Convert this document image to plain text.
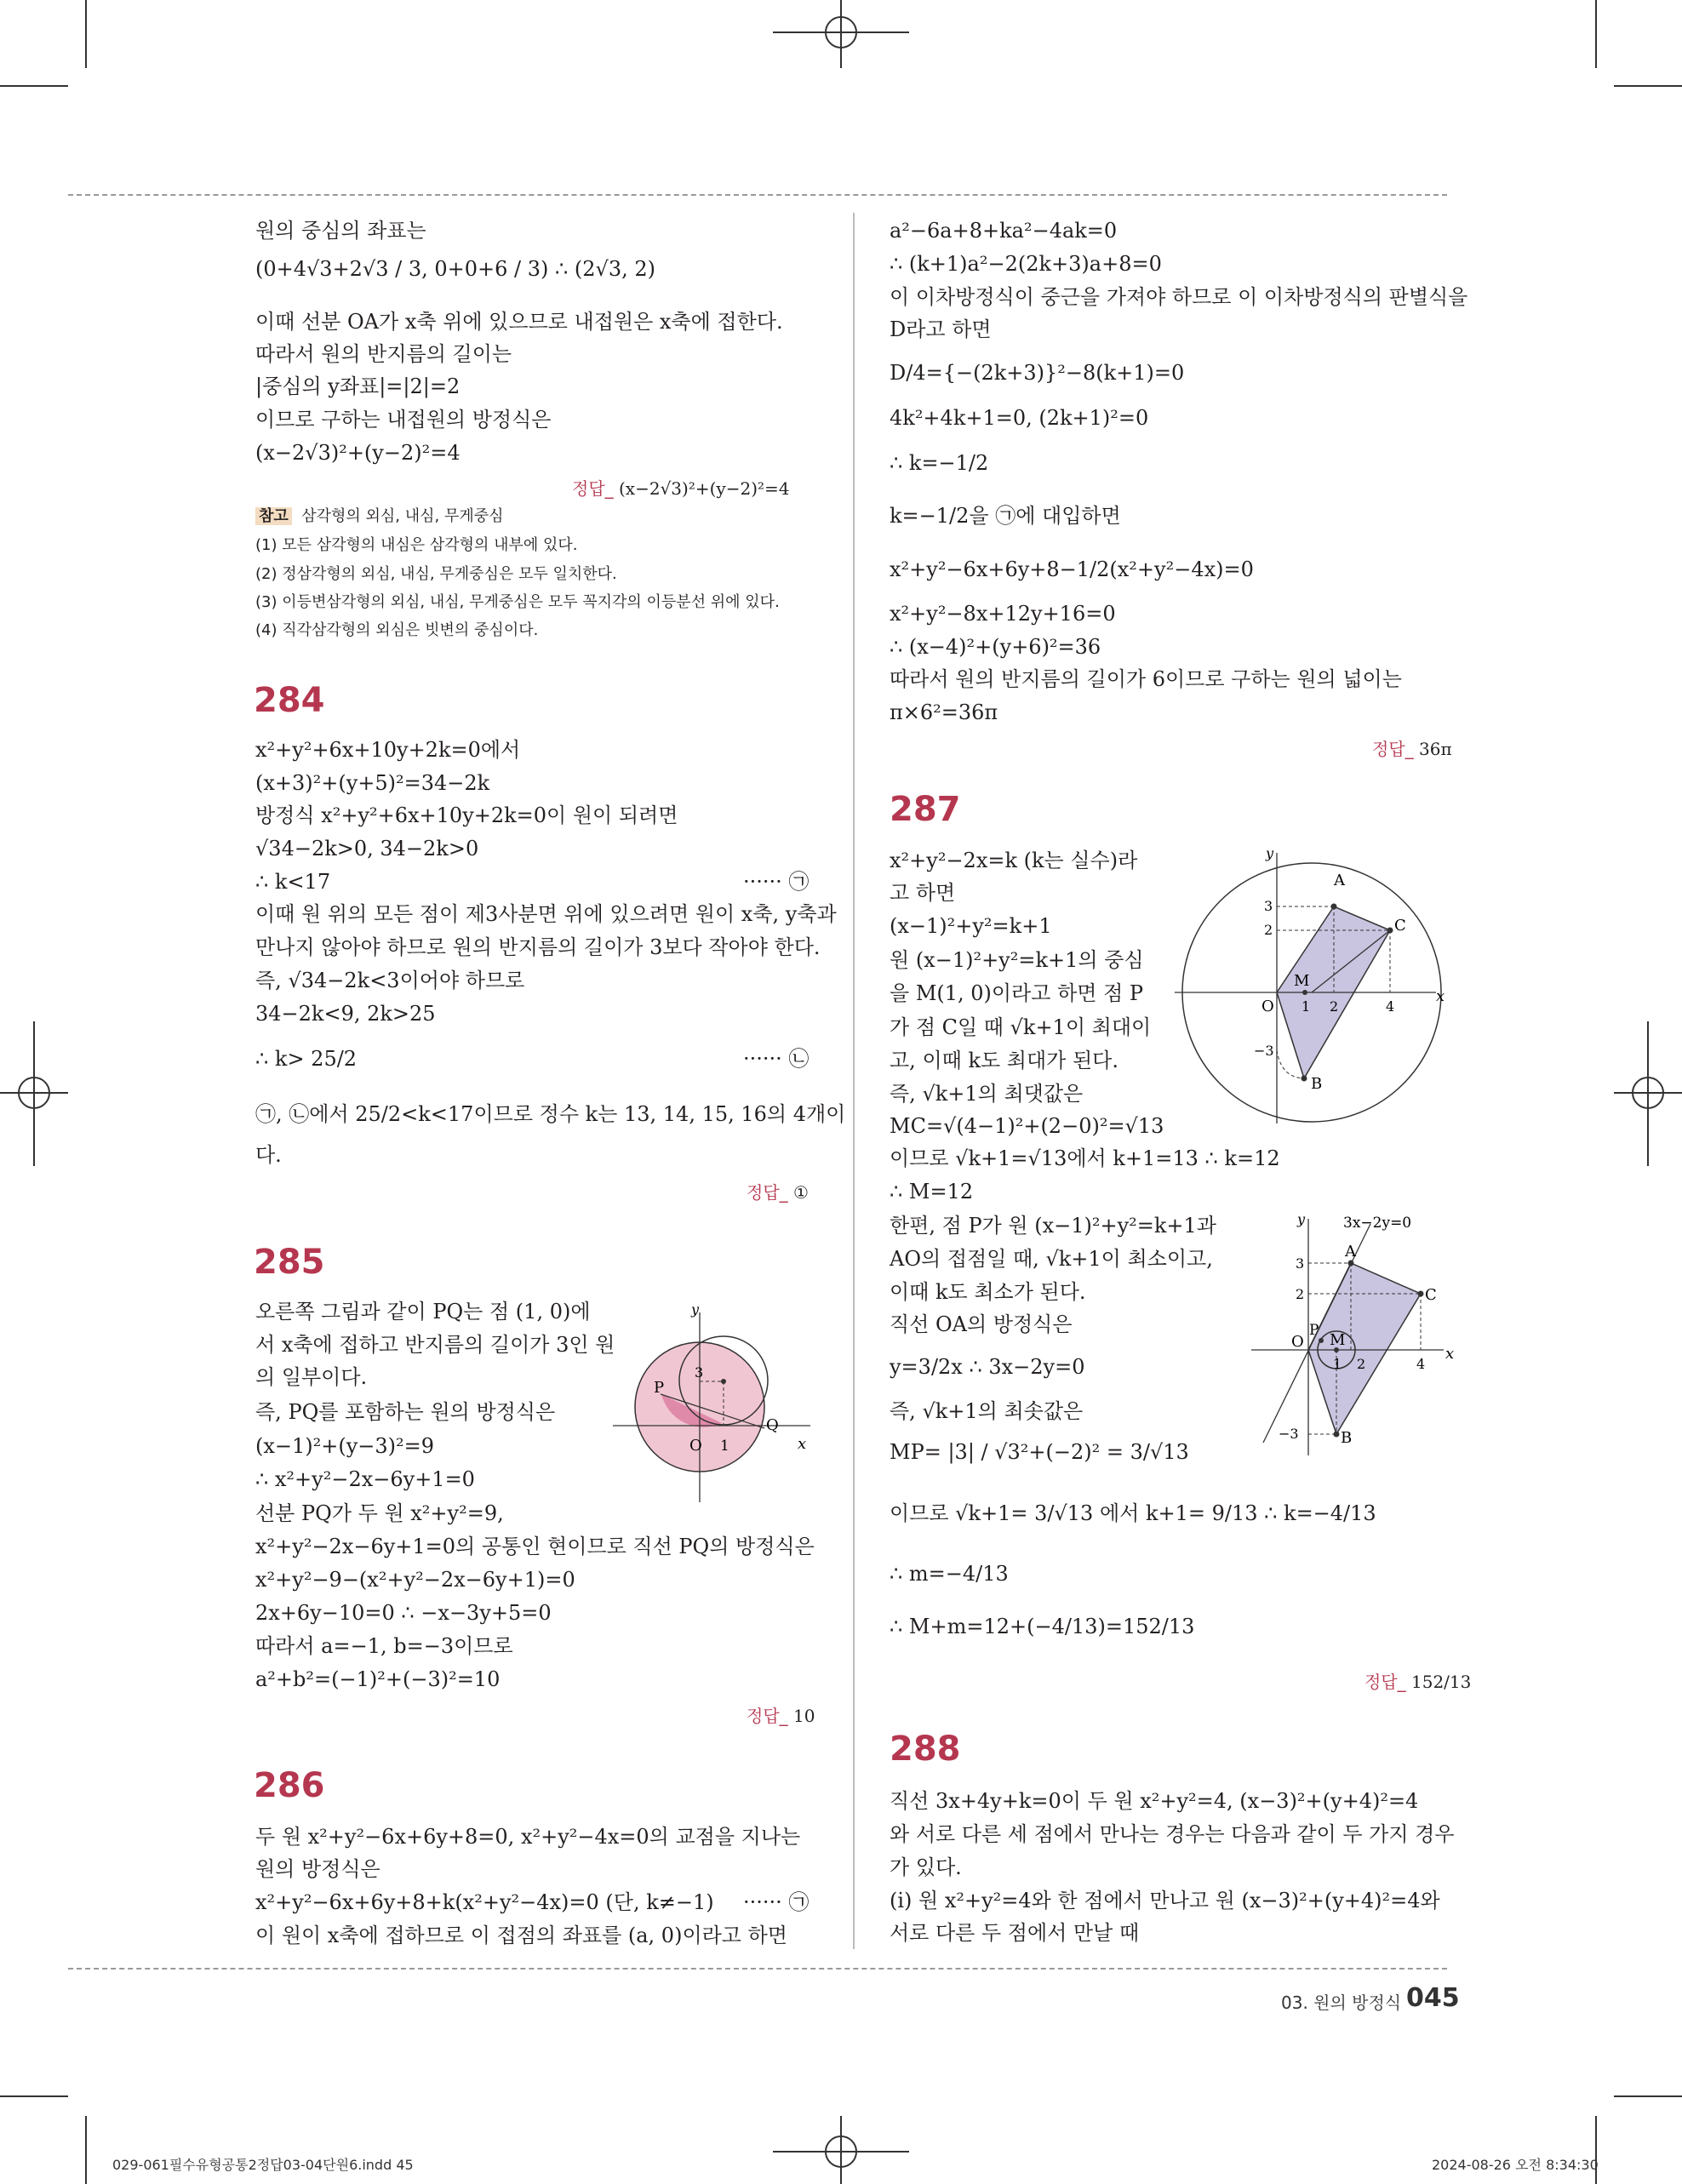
원의 중심의 좌표는
(0+4√3+2√3 / 3, 0+0+6 / 3) ∴ (2√3, 2)
이때 선분 OA가 x축 위에 있으므로 내접원은 x축에 접한다.
따라서 원의 반지름의 길이는
|중심의 y좌표|=|2|=2
이므로 구하는 내접원의 방정식은
(x−2√3)²+(y−2)²=4
정답_ (x−2√3)²+(y−2)²=4
참고 삼각형의 외심, 내심, 무게중심
(1) 모든 삼각형의 내심은 삼각형의 내부에 있다.
(2) 정삼각형의 외심, 내심, 무게중심은 모두 일치한다.
(3) 이등변삼각형의 외심, 내심, 무게중심은 모두 꼭지각의 이등분선 위에 있다.
(4) 직각삼각형의 외심은 빗변의 중심이다.
284
x²+y²+6x+10y+2k=0에서
(x+3)²+(y+5)²=34−2k
방정식 x²+y²+6x+10y+2k=0이 원이 되려면
√34−2k>0, 34−2k>0
∴ k<17	······ ㉠
이때 원 위의 모든 점이 제3사분면 위에 있으려면 원이 x축, y축과
만나지 않아야 하므로 원의 반지름의 길이가 3보다 작아야 한다.
즉, √34−2k<3이어야 하므로
34−2k<9, 2k>25
∴ k> 25/2	······ ㉡
㉠, ㉡에서 25/2<k<17이므로 정수 k는 13, 14, 15, 16의 4개이
다.
정답_ ①
285
오른쪽 그림과 같이 PQ는 점 (1, 0)에
서 x축에 접하고 반지름의 길이가 3인 원
의 일부이다.
즉, PQ를 포함하는 원의 방정식은
(x−1)²+(y−3)²=9
∴ x²+y²−2x−6y+1=0
선분 PQ가 두 원 x²+y²=9,
x²+y²−2x−6y+1=0의 공통인 현이므로 직선 PQ의 방정식은
x²+y²−9−(x²+y²−2x−6y+1)=0
2x+6y−10=0 ∴ −x−3y+5=0
따라서 a=−1, b=−3이므로
a²+b²=(−1)²+(−3)²=10
정답_ 10
y
x
O 1
3
P
Q
286
두 원 x²+y²−6x+6y+8=0, x²+y²−4x=0의 교점을 지나는
원의 방정식은
x²+y²−6x+6y+8+k(x²+y²−4x)=0 (단, k≠−1) ······ ㉠
이 원이 x축에 접하므로 이 접점의 좌표를 (a, 0)이라고 하면
a²−6a+8+ka²−4ak=0
∴ (k+1)a²−2(2k+3)a+8=0
이 이차방정식이 중근을 가져야 하므로 이 이차방정식의 판별식을
D라고 하면
D/4={−(2k+3)}²−8(k+1)=0
4k²+4k+1=0, (2k+1)²=0
∴ k=−1/2
k=−1/2을 ㉠에 대입하면
x²+y²−6x+6y+8−1/2(x²+y²−4x)=0
x²+y²−8x+12y+16=0
∴ (x−4)²+(y+6)²=36
따라서 원의 반지름의 길이가 6이므로 구하는 원의 넓이는
π×6²=36π
정답_ 36π
287
x²+y²−2x=k (k는 실수)라
고 하면
(x−1)²+y²=k+1
원 (x−1)²+y²=k+1의 중심
을 M(1, 0)이라고 하면 점 P
가 점 C일 때 √k+1이 최대이
고, 이때 k도 최대가 된다.
즉, √k+1의 최댓값은
MC=√(4−1)²+(2−0)²=√13
이므로 √k+1=√13에서 k+1=13 ∴ k=12
∴ M=12
한편, 점 P가 원 (x−1)²+y²=k+1과
AO의 접점일 때, √k+1이 최소이고,
이때 k도 최소가 된다.
직선 OA의 방정식은
y=3/2x ∴ 3x−2y=0
즉, √k+1의 최솟값은
MP= |3| / √3²+(−2)² = 3/√13
이므로 √k+1= 3/√13 에서 k+1= 9/13 ∴ k=−4/13
∴ m=−4/13
∴ M+m=12+(−4/13)=152/13
정답_ 152/13
y
x
O
A
B
C
M
1 2	4
3
2
−3
y
x
3x−2y=0
O
A
B
C
M
P
1 2	4
3
2
−3
288
직선 3x+4y+k=0이 두 원 x²+y²=4, (x−3)²+(y+4)²=4
와 서로 다른 세 점에서 만나는 경우는 다음과 같이 두 가지 경우
가 있다.
(ⅰ) 원 x²+y²=4와 한 점에서 만나고 원 (x−3)²+(y+4)²=4와
서로 다른 두 점에서 만날 때
03. 원의 방정식 045
029-061필수유형공통2정답03-04단원6.indd 45	2024-08-26 오전 8:34:30
